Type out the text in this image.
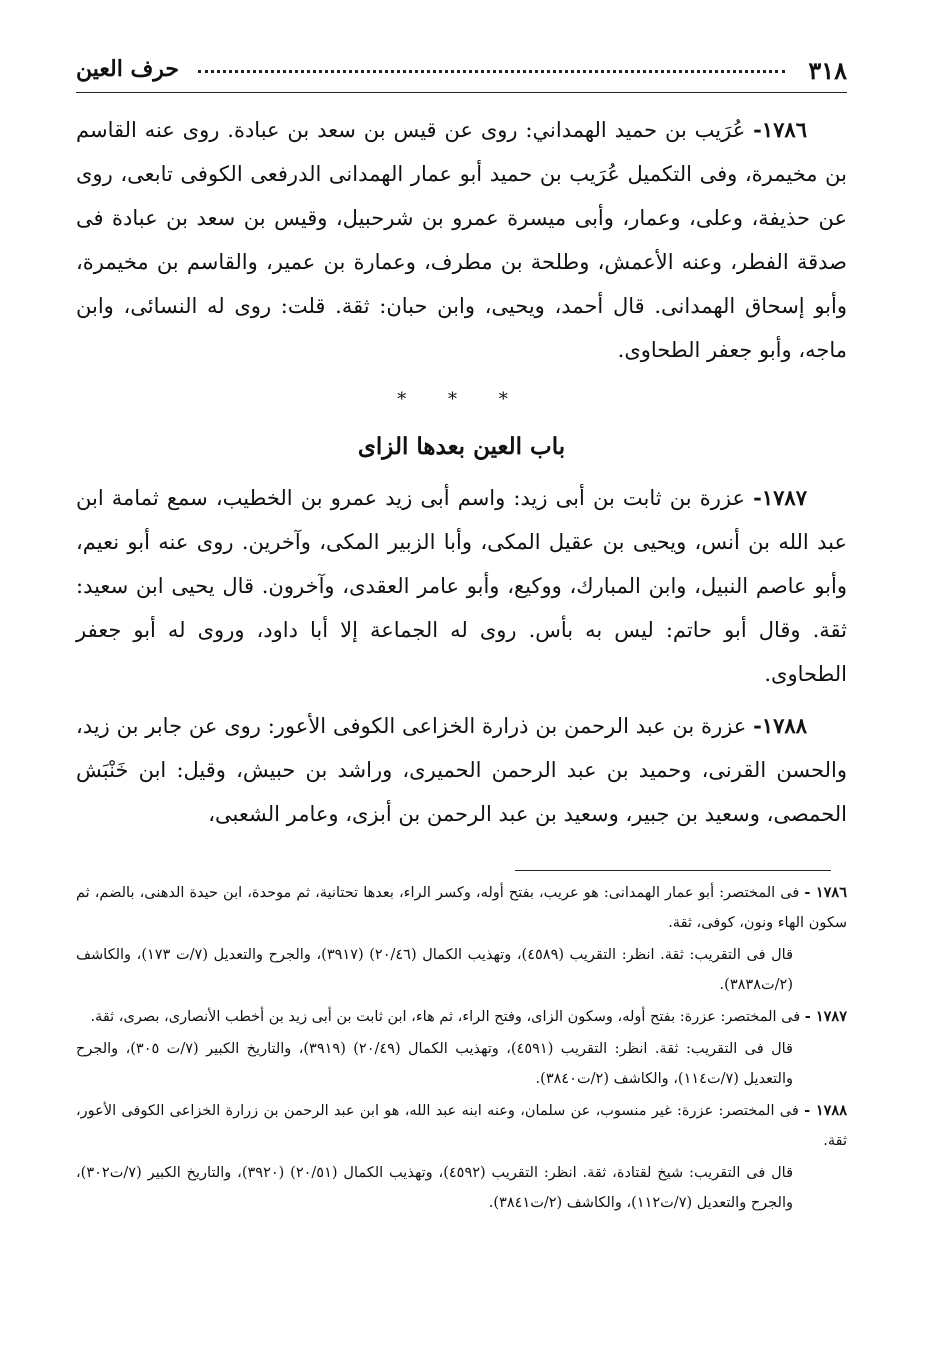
٣١٨
حرف العين

١٧٨٦- عُرَيب بن حميد الهمداني: روى عن قيس بن سعد بن عبادة. روى عنه القاسم بن مخيمرة، وفى التكميل عُرَيب بن حميد أبو عمار الهمدانى الدرفعى الكوفى تابعى، روى عن حذيفة، وعلى، وعمار، وأبى ميسرة عمرو بن شرحبيل، وقيس بن سعد بن عبادة فى صدقة الفطر، وعنه الأعمش، وطلحة بن مطرف، وعمارة بن عمير، والقاسم بن مخيمرة، وأبو إسحاق الهمدانى. قال أحمد، ويحيى، وابن حبان: ثقة. قلت: روى له النسائى، وابن ماجه، وأبو جعفر الطحاوى.

* * *
باب العين بعدها الزاى

١٧٨٧- عزرة بن ثابت بن أبى زيد: واسم أبى زيد عمرو بن الخطيب، سمع ثمامة ابن عبد الله بن أنس، ويحيى بن عقيل المكى، وأبا الزبير المكى، وآخرين. روى عنه أبو نعيم، وأبو عاصم النبيل، وابن المبارك، ووكيع، وأبو عامر العقدى، وآخرون. قال يحيى ابن سعيد: ثقة. وقال أبو حاتم: ليس به بأس. روى له الجماعة إلا أبا داود، وروى له أبو جعفر الطحاوى.

١٧٨٨- عزرة بن عبد الرحمن بن ذرارة الخزاعى الكوفى الأعور: روى عن جابر بن زيد، والحسن القرنى، وحميد بن عبد الرحمن الحميرى، وراشد بن حبيش، وقيل: ابن خَنْبَش الحمصى، وسعيد بن جبير، وسعيد بن عبد الرحمن بن أبزى، وعامر الشعبى،

١٧٨٦ - فى المختصر: أبو عمار الهمدانى: هو عريب، بفتح أوله، وكسر الراء، بعدها تحتانية، ثم موحدة، ابن حيدة الدهنى، بالضم، ثم سكون الهاء ونون، كوفى، ثقة.

قال فى التقريب: ثقة. انظر: التقريب (٤٥٨٩)، وتهذيب الكمال (٢٠/٤٦) (٣٩١٧)، والجرح والتعديل (٧/ت ١٧٣)، والكاشف (٢/ت٣٨٣٨).

١٧٨٧ - فى المختصر: عزرة: بفتح أوله، وسكون الزاى، وفتح الراء، ثم هاء، ابن ثابت بن أبى زيد بن أخطب الأنصارى، بصرى، ثقة.

قال فى التقريب: ثقة. انظر: التقريب (٤٥٩١)، وتهذيب الكمال (٢٠/٤٩) (٣٩١٩)، والتاريخ الكبير (٧/ت ٣٠٥)، والجرح والتعديل (٧/ت١١٤)، والكاشف (٢/ت٣٨٤٠).

١٧٨٨ - فى المختصر: عزرة: غير منسوب، عن سلمان، وعنه ابنه عبد الله، هو ابن عبد الرحمن بن زرارة الخزاعى الكوفى الأعور، ثقة.

قال فى التقريب: شيخ لقتادة، ثقة. انظر: التقريب (٤٥٩٢)، وتهذيب الكمال (٢٠/٥١) (٣٩٢٠)، والتاريخ الكبير (٧/ت٣٠٢)، والجرح والتعديل (٧/ت١١٢)، والكاشف (٢/ت٣٨٤١).
